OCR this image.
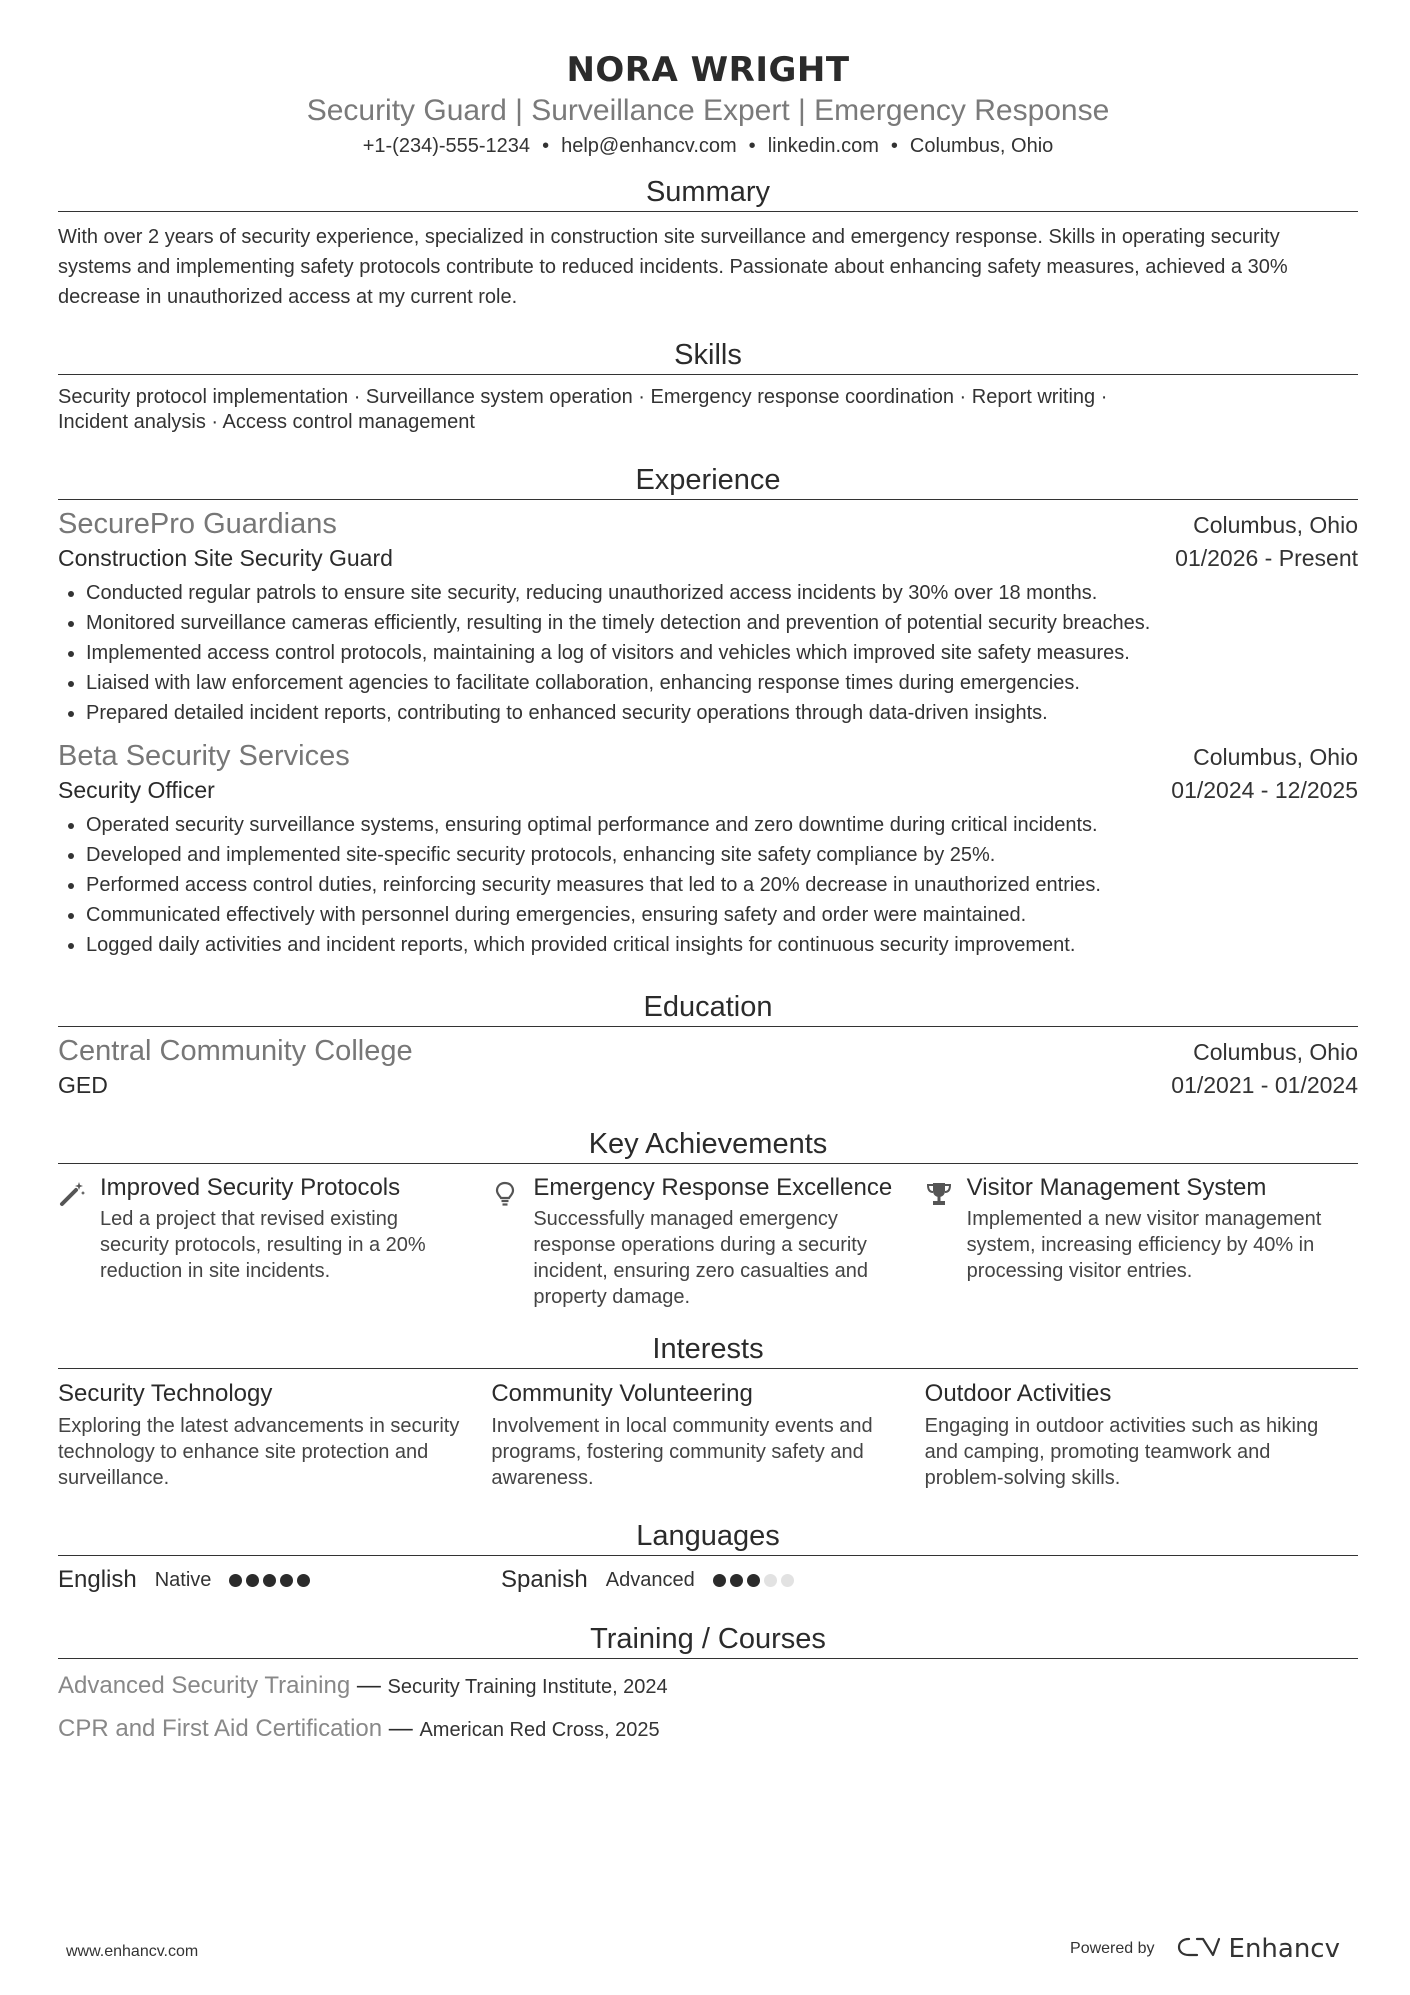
NORA WRIGHT
Security Guard | Surveillance Expert | Emergency Response
+1-(234)-555-1234 • help@enhancv.com • linkedin.com • Columbus, Ohio
Summary
With over 2 years of security experience, specialized in construction site surveillance and emergency response. Skills in operating security systems and implementing safety protocols contribute to reduced incidents. Passionate about enhancing safety measures, achieved a 30% decrease in unauthorized access at my current role.
Skills
Security protocol implementation · Surveillance system operation · Emergency response coordination · Report writing ·
Incident analysis · Access control management
Experience
SecurePro Guardians	Columbus, Ohio
Construction Site Security Guard	01/2026 - Present
• Conducted regular patrols to ensure site security, reducing unauthorized access incidents by 30% over 18 months.
• Monitored surveillance cameras efficiently, resulting in the timely detection and prevention of potential security breaches.
• Implemented access control protocols, maintaining a log of visitors and vehicles which improved site safety measures.
• Liaised with law enforcement agencies to facilitate collaboration, enhancing response times during emergencies.
• Prepared detailed incident reports, contributing to enhanced security operations through data-driven insights.
Beta Security Services	Columbus, Ohio
Security Officer	01/2024 - 12/2025
• Operated security surveillance systems, ensuring optimal performance and zero downtime during critical incidents.
• Developed and implemented site-specific security protocols, enhancing site safety compliance by 25%.
• Performed access control duties, reinforcing security measures that led to a 20% decrease in unauthorized entries.
• Communicated effectively with personnel during emergencies, ensuring safety and order were maintained.
• Logged daily activities and incident reports, which provided critical insights for continuous security improvement.
Education
Central Community College	Columbus, Ohio
GED	01/2021 - 01/2024
Key Achievements
Improved Security Protocols
Led a project that revised existing security protocols, resulting in a 20% reduction in site incidents.
Emergency Response Excellence
Successfully managed emergency response operations during a security incident, ensuring zero casualties and property damage.
Visitor Management System
Implemented a new visitor management system, increasing efficiency by 40% in processing visitor entries.
Interests
Security Technology
Exploring the latest advancements in security technology to enhance site protection and surveillance.
Community Volunteering
Involvement in local community events and programs, fostering community safety and awareness.
Outdoor Activities
Engaging in outdoor activities such as hiking and camping, promoting teamwork and problem-solving skills.
Languages
English Native	Spanish Advanced
Training / Courses
Advanced Security Training — Security Training Institute, 2024
CPR and First Aid Certification — American Red Cross, 2025
www.enhancv.com	Powered by	Enhancv
